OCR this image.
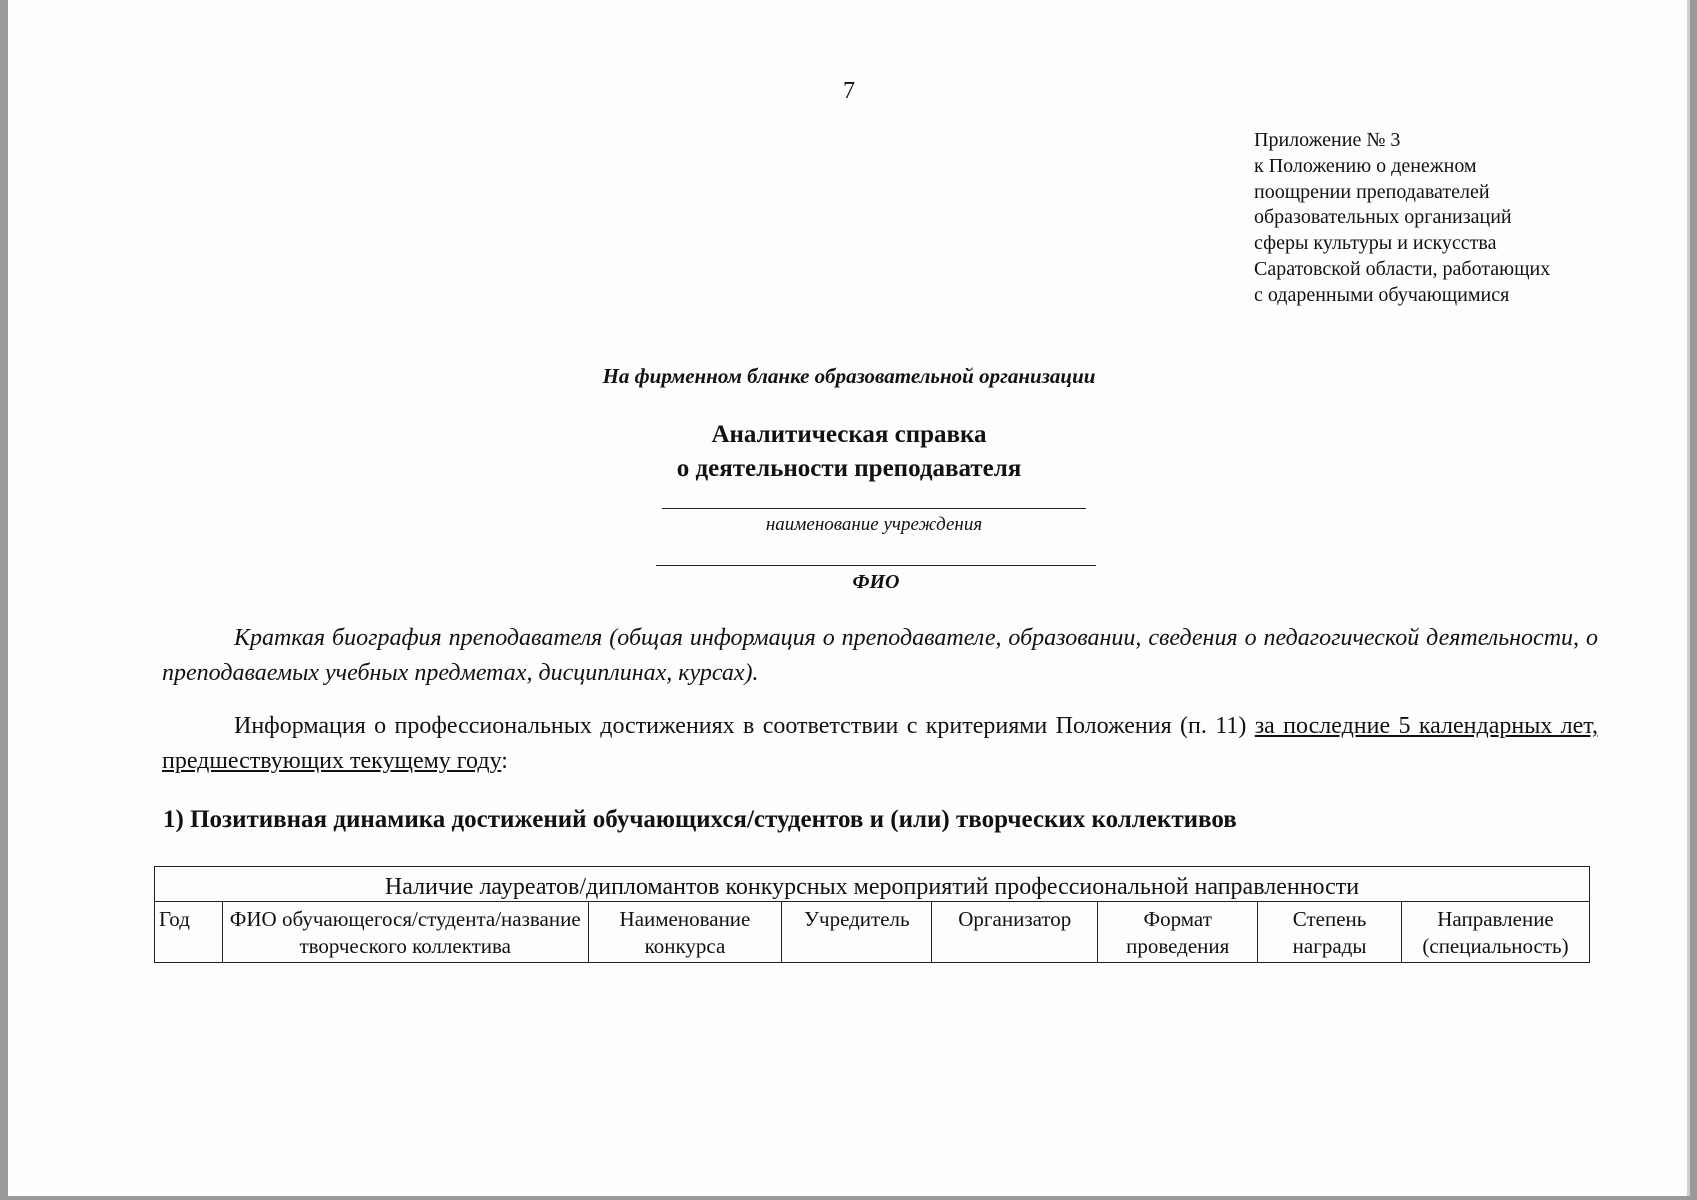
7
Приложение № 3
к Положению о денежном
поощрении преподавателей
образовательных организаций
сферы культуры и искусства
Саратовской области, работающих
с одаренными обучающимися
На фирменном бланке образовательной организации
Аналитическая справка
о деятельности преподавателя
наименование учреждения
ФИО
Краткая биография преподавателя (общая информация о преподавателе, образовании, сведения о педагогической деятельности, о преподаваемых учебных предметах, дисциплинах, курсах).
Информация о профессиональных достижениях в соответствии с критериями Положения (п. 11) за последние 5 календарных лет, предшествующих текущему году:
1) Позитивная динамика достижений обучающихся/студентов и (или) творческих коллективов
Наличие лауреатов/дипломантов конкурсных мероприятий профессиональной направленности
Год	ФИО обучающегося/студента/название творческого коллектива	Наименование конкурса	Учредитель	Организатор	Формат проведения	Степень награды	Направление (специальность)
